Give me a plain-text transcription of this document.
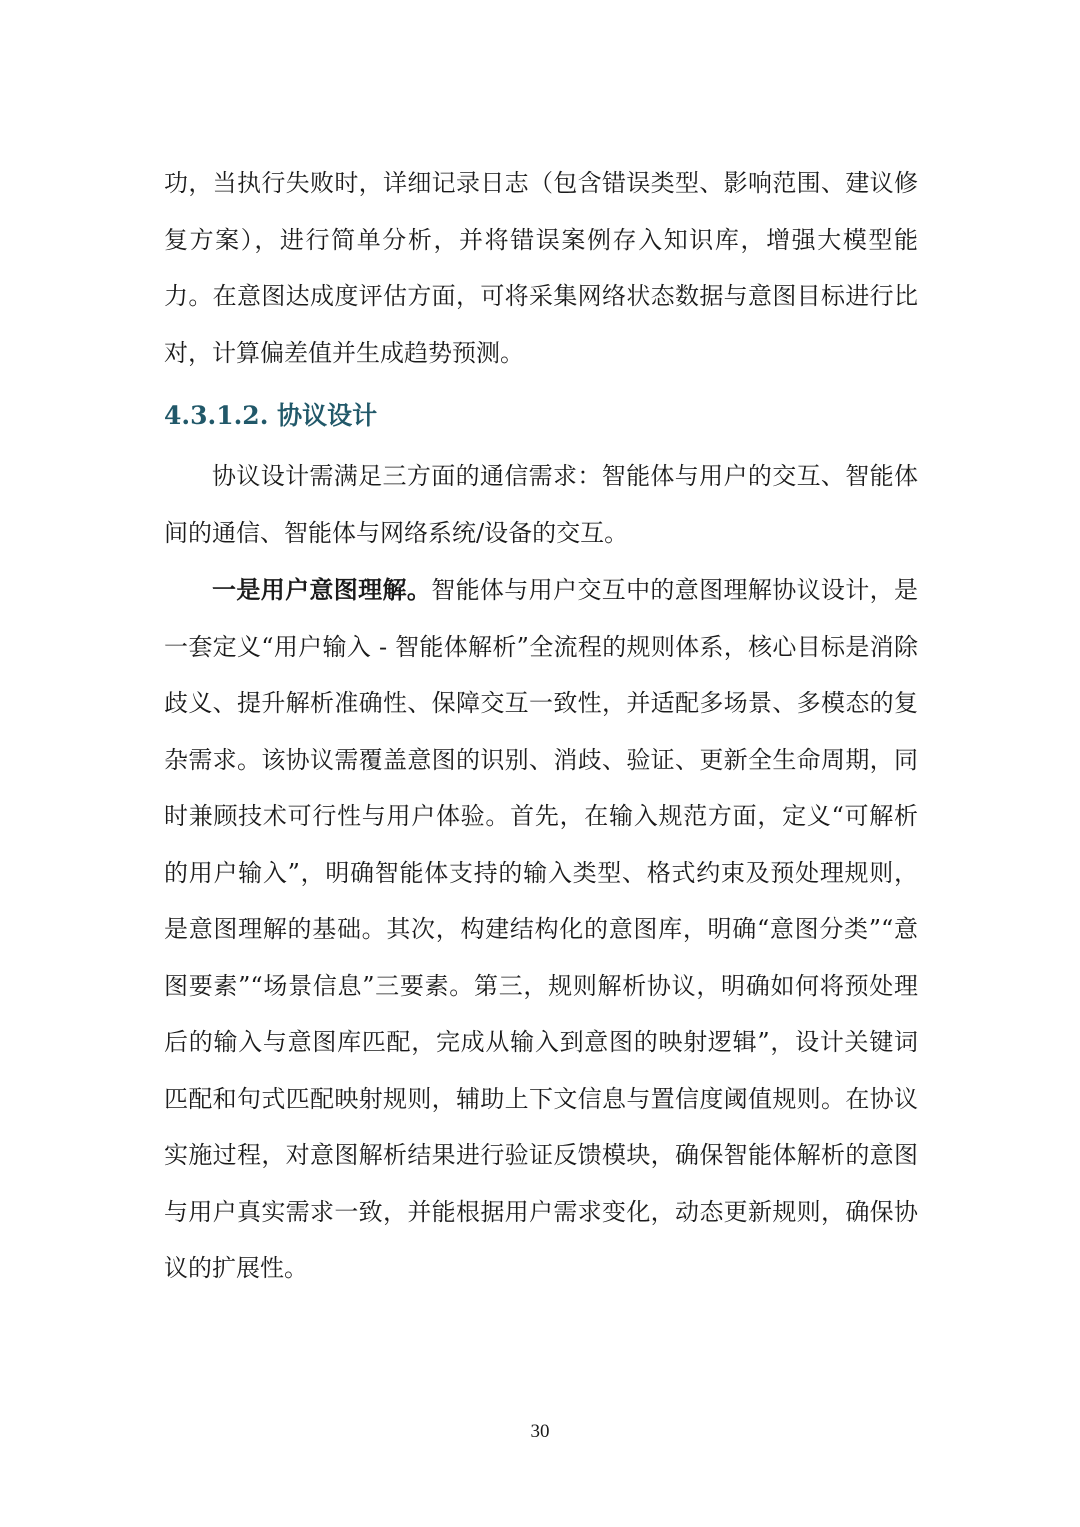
功，当执行失败时，详细记录日志（包含错误类型、影响范围、建议修复方案），进行简单分析，并将错误案例存入知识库，增强大模型能力。在意图达成度评估方面，可将采集网络状态数据与意图目标进行比对，计算偏差值并生成趋势预测。

4.3.1.2. 协议设计

协议设计需满足三方面的通信需求：智能体与用户的交互、智能体间的通信、智能体与网络系统/设备的交互。

一是用户意图理解。智能体与用户交互中的意图理解协议设计，是一套定义“用户输入 - 智能体解析”全流程的规则体系，核心目标是消除歧义、提升解析准确性、保障交互一致性，并适配多场景、多模态的复杂需求。该协议需覆盖意图的识别、消歧、验证、更新全生命周期，同时兼顾技术可行性与用户体验。首先，在输入规范方面，定义“可解析的用户输入”，明确智能体支持的输入类型、格式约束及预处理规则，是意图理解的基础。其次，构建结构化的意图库，明确“意图分类”“意图要素”“场景信息”三要素。第三，规则解析协议，明确如何将预处理后的输入与意图库匹配，完成从输入到意图的映射逻辑”，设计关键词匹配和句式匹配映射规则，辅助上下文信息与置信度阈值规则。在协议实施过程，对意图解析结果进行验证反馈模块，确保智能体解析的意图与用户真实需求一致，并能根据用户需求变化，动态更新规则，确保协议的扩展性。

30
